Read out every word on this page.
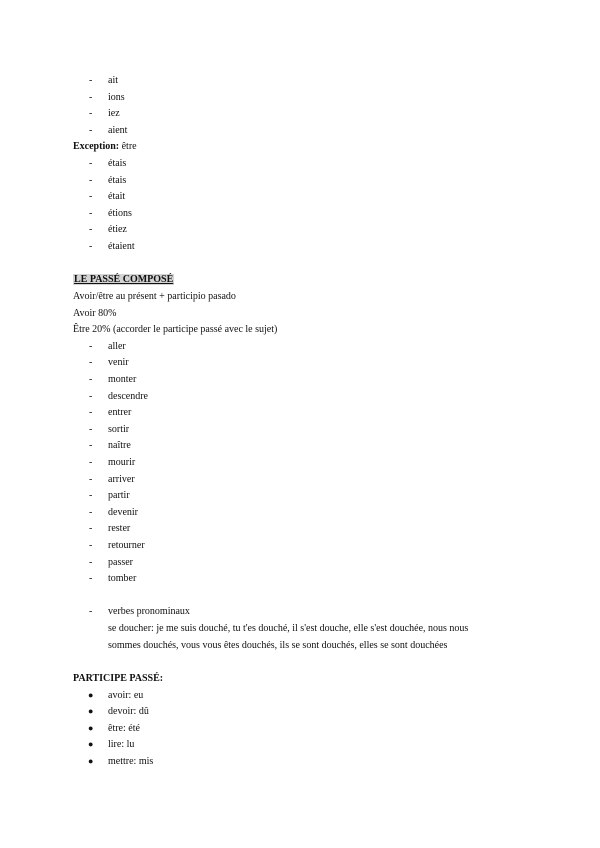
- ait
- ions
- iez
- aient
Exception: être
- étais
- étais
- était
- étions
- étiez
- étaient
LE PASSÉ COMPOSÉ
Avoir/être au présent + participio pasado
Avoir 80%
Être 20% (accorder le participe passé avec le sujet)
- aller
- venir
- monter
- descendre
- entrer
- sortir
- naître
- mourir
- arriver
- partir
- devenir
- rester
- retourner
- passer
- tomber
- verbes pronominaux
se doucher: je me suis douché, tu t'es douché, il s'est douche, elle s'est douchée, nous nous
sommes douchés, vous vous êtes douchés, ils se sont douchés, elles se sont douchées
PARTICIPE PASSÉ:
● avoir: eu
● devoir: dû
● être: été
● lire: lu
● mettre: mis
